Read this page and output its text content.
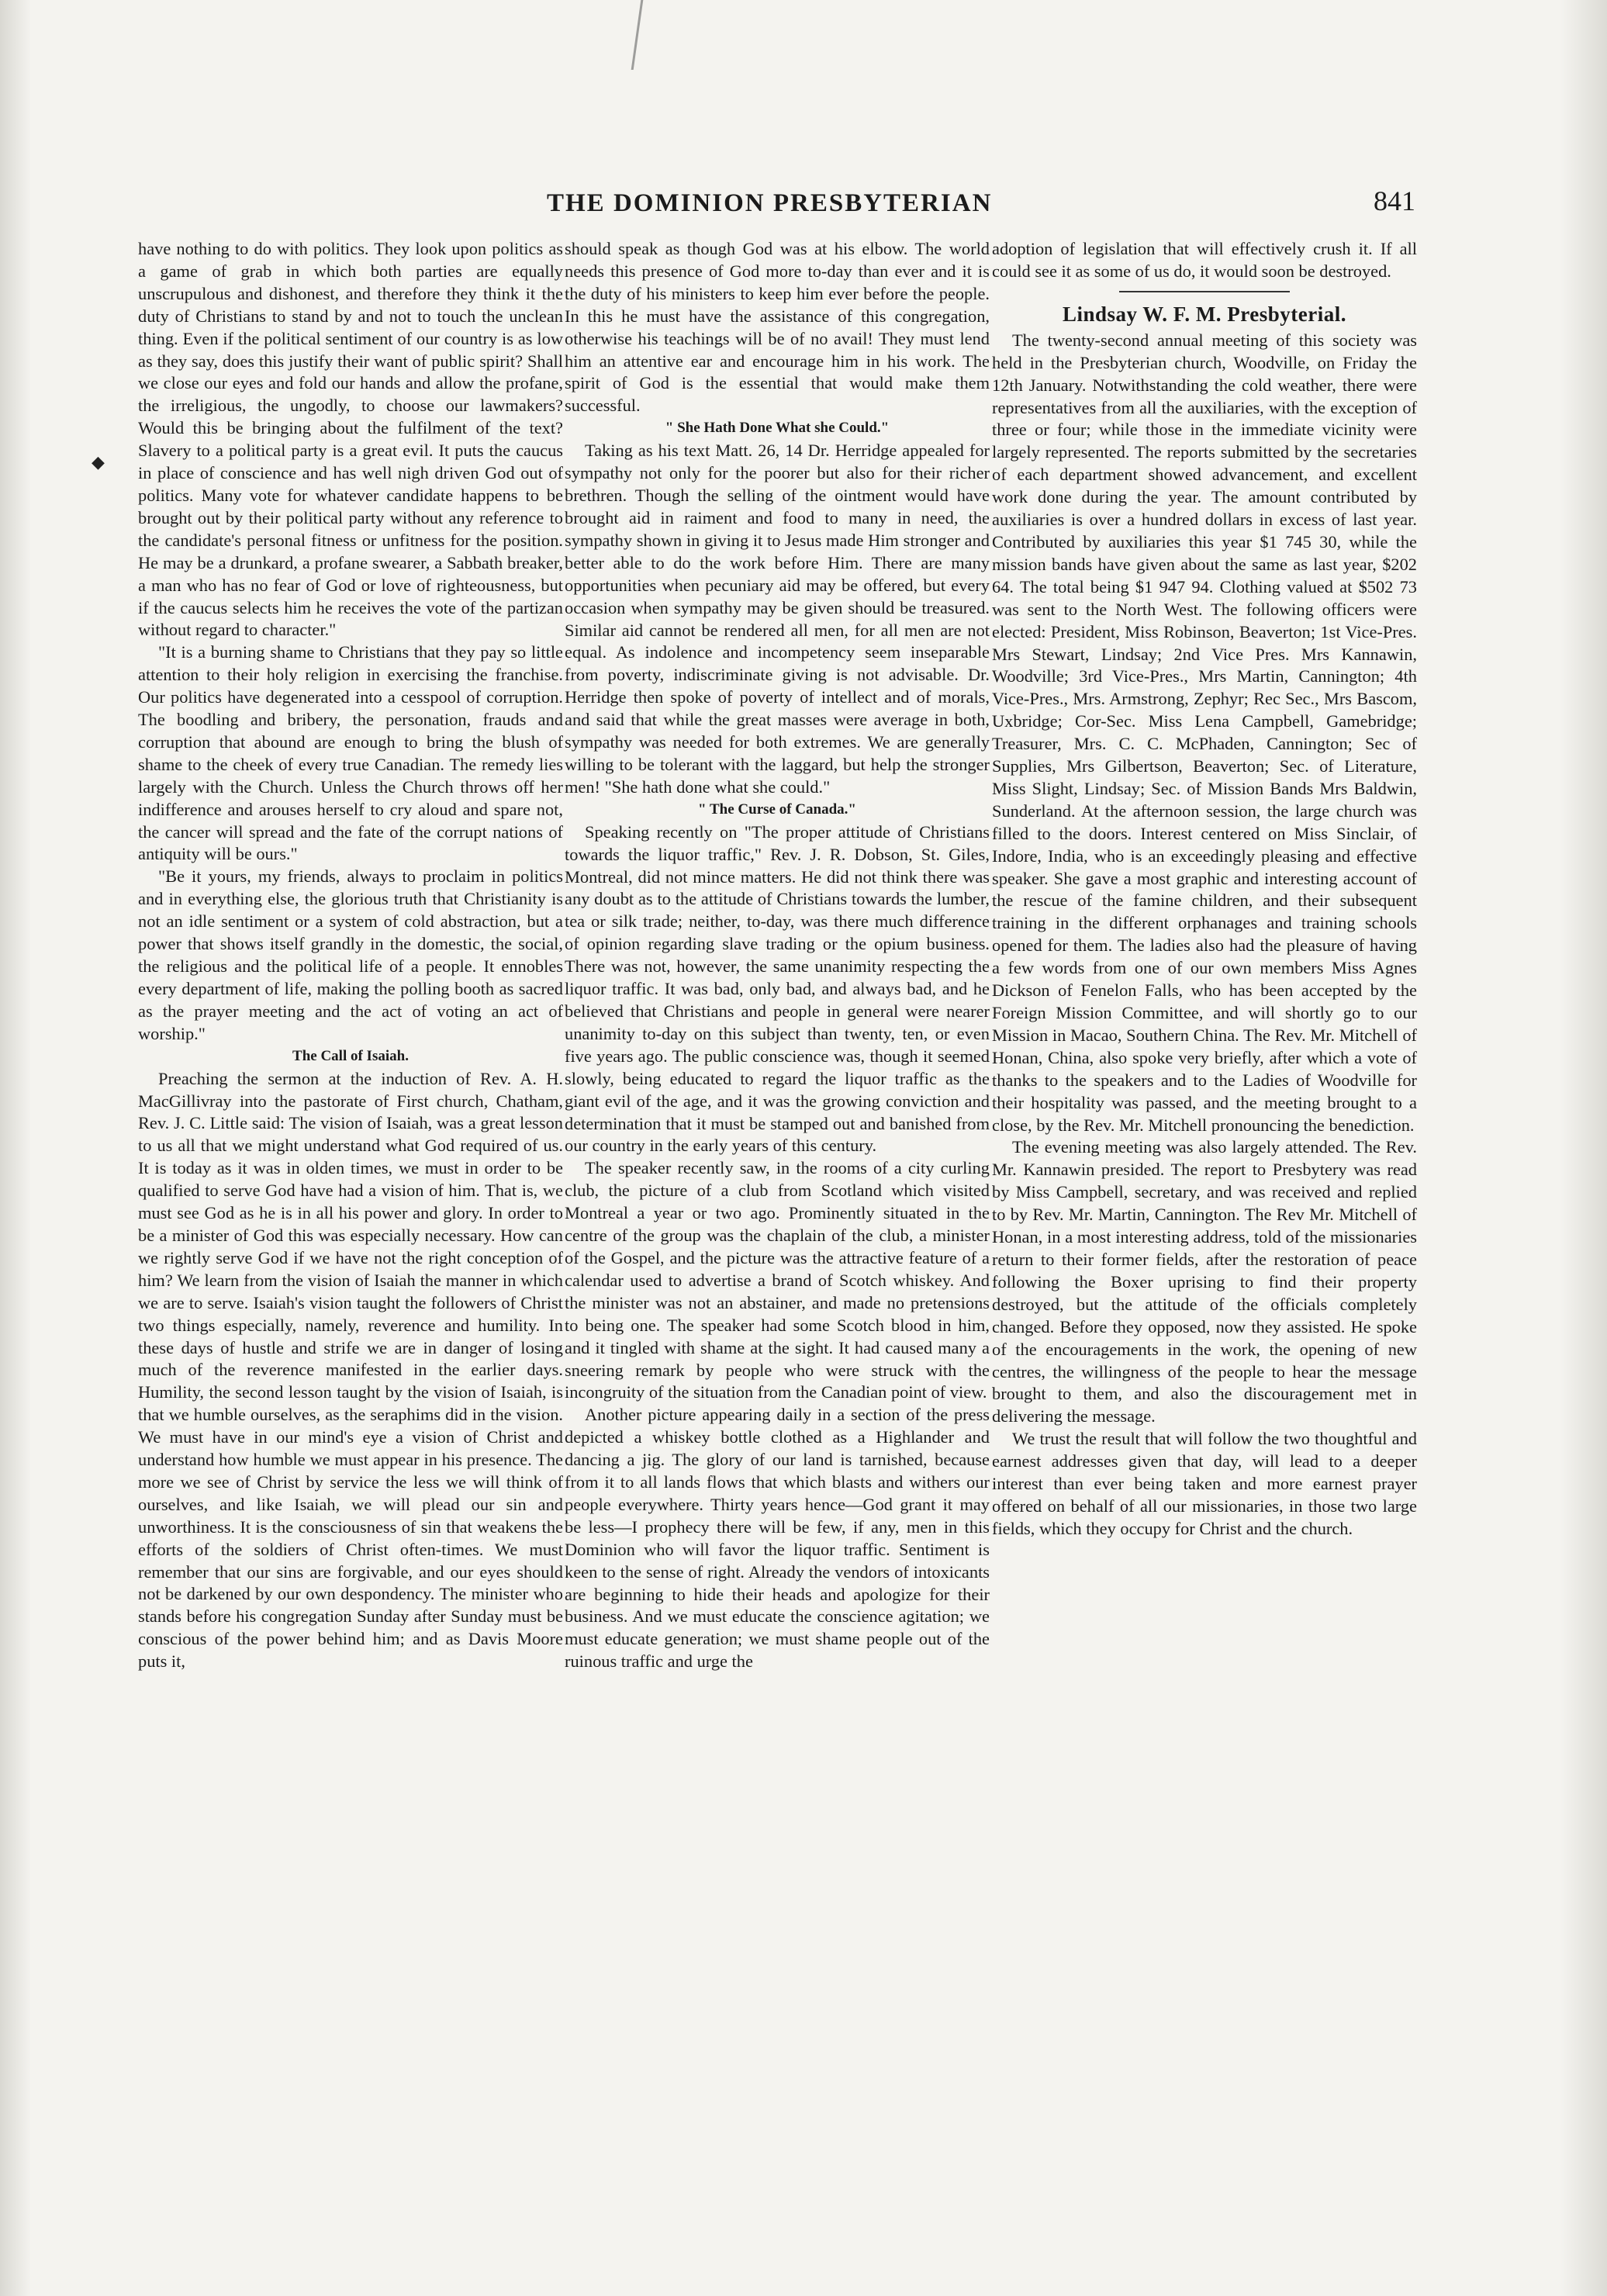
◆
THE DOMINION PRESBYTERIAN	841

have nothing to do with politics. They look upon politics as a game of grab in which both parties are equally unscrupulous and dishonest, and therefore they think it the duty of Christians to stand by and not to touch the unclean thing. Even if the political sentiment of our country is as low as they say, does this justify their want of public spirit? Shall we close our eyes and fold our hands and allow the profane, the irreligious, the ungodly, to choose our lawmakers? Would this be bringing about the fulfilment of the text? Slavery to a political party is a great evil. It puts the caucus in place of conscience and has well nigh driven God out of politics. Many vote for whatever candidate happens to be brought out by their political party without any reference to the candidate's personal fitness or unfitness for the position. He may be a drunkard, a profane swearer, a Sabbath breaker, a man who has no fear of God or love of righteousness, but if the caucus selects him he receives the vote of the partizan without regard to character."

"It is a burning shame to Christians that they pay so little attention to their holy religion in exercising the franchise. Our politics have degenerated into a cesspool of corruption. The boodling and bribery, the personation, frauds and corruption that abound are enough to bring the blush of shame to the cheek of every true Canadian. The remedy lies largely with the Church. Unless the Church throws off her indifference and arouses herself to cry aloud and spare not, the cancer will spread and the fate of the corrupt nations of antiquity will be ours."

"Be it yours, my friends, always to proclaim in politics and in everything else, the glorious truth that Christianity is not an idle sentiment or a system of cold abstraction, but a power that shows itself grandly in the domestic, the social, the religious and the political life of a people. It ennobles every department of life, making the polling booth as sacred as the prayer meeting and the act of voting an act of worship."

The Call of Isaiah.

Preaching the sermon at the induction of Rev. A. H. MacGillivray into the pastorate of First church, Chatham, Rev. J. C. Little said: The vision of Isaiah, was a great lesson to us all that we might understand what God required of us. It is today as it was in olden times, we must in order to be qualified to serve God have had a vision of him. That is, we must see God as he is in all his power and glory. In order to be a minister of God this was especially necessary. How can we rightly serve God if we have not the right conception of him? We learn from the vision of Isaiah the manner in which we are to serve. Isaiah's vision taught the followers of Christ two things especially, namely, reverence and humility. In these days of hustle and strife we are in danger of losing much of the reverence manifested in the earlier days. Humility, the second lesson taught by the vision of Isaiah, is that we humble ourselves, as the seraphims did in the vision. We must have in our mind's eye a vision of Christ and understand how humble we must appear in his presence. The more we see of Christ by service the less we will think of ourselves, and like Isaiah, we will plead our sin and unworthiness. It is the consciousness of sin that weakens the efforts of the soldiers of Christ often-times. We must remember that our sins are forgivable, and our eyes should not be darkened by our own despondency. The minister who stands before his congregation Sunday after Sunday must be conscious of the power behind him; and as Davis Moore puts it,

should speak as though God was at his elbow. The world needs this presence of God more to-day than ever and it is the duty of his ministers to keep him ever before the people. In this he must have the assistance of this congregation, otherwise his teachings will be of no avail! They must lend him an attentive ear and encourage him in his work. The spirit of God is the essential that would make them successful.

" She Hath Done What she Could."

Taking as his text Matt. 26, 14 Dr. Herridge appealed for sympathy not only for the poorer but also for their richer brethren. Though the selling of the ointment would have brought aid in raiment and food to many in need, the sympathy shown in giving it to Jesus made Him stronger and better able to do the work before Him. There are many opportunities when pecuniary aid may be offered, but every occasion when sympathy may be given should be treasured. Similar aid cannot be rendered all men, for all men are not equal. As indolence and incompetency seem inseparable from poverty, indiscriminate giving is not advisable. Dr. Herridge then spoke of poverty of intellect and of morals, and said that while the great masses were average in both, sympathy was needed for both extremes. We are generally willing to be tolerant with the laggard, but help the stronger men! "She hath done what she could."

" The Curse of Canada."

Speaking recently on "The proper attitude of Christians towards the liquor traffic," Rev. J. R. Dobson, St. Giles, Montreal, did not mince matters. He did not think there was any doubt as to the attitude of Christians towards the lumber, tea or silk trade; neither, to-day, was there much difference of opinion regarding slave trading or the opium business. There was not, however, the same unanimity respecting the liquor traffic. It was bad, only bad, and always bad, and he believed that Christians and people in general were nearer unanimity to-day on this subject than twenty, ten, or even five years ago. The public conscience was, though it seemed slowly, being educated to regard the liquor traffic as the giant evil of the age, and it was the growing conviction and determination that it must be stamped out and banished from our country in the early years of this century.

The speaker recently saw, in the rooms of a city curling club, the picture of a club from Scotland which visited Montreal a year or two ago. Prominently situated in the centre of the group was the chaplain of the club, a minister of the Gospel, and the picture was the attractive feature of a calendar used to advertise a brand of Scotch whiskey. And the minister was not an abstainer, and made no pretensions to being one. The speaker had some Scotch blood in him, and it tingled with shame at the sight. It had caused many a sneering remark by people who were struck with the incongruity of the situation from the Canadian point of view.

Another picture appearing daily in a section of the press depicted a whiskey bottle clothed as a Highlander and dancing a jig. The glory of our land is tarnished, because from it to all lands flows that which blasts and withers our people everywhere. Thirty years hence—God grant it may be less—I prophecy there will be few, if any, men in this Dominion who will favor the liquor traffic. Sentiment is keen to the sense of right. Already the vendors of intoxicants are beginning to hide their heads and apologize for their business. And we must educate the conscience agitation; we must educate generation; we must shame people out of the ruinous traffic and urge the

adoption of legislation that will effectively crush it. If all could see it as some of us do, it would soon be destroyed.

Lindsay W. F. M. Presbyterial.

The twenty-second annual meeting of this society was held in the Presbyterian church, Woodville, on Friday the 12th January. Notwithstanding the cold weather, there were representatives from all the auxiliaries, with the exception of three or four; while those in the immediate vicinity were largely represented. The reports submitted by the secretaries of each department showed advancement, and excellent work done during the year. The amount contributed by auxiliaries is over a hundred dollars in excess of last year. Contributed by auxiliaries this year $1 745 30, while the mission bands have given about the same as last year, $202 64. The total being $1 947 94. Clothing valued at $502 73 was sent to the North West. The following officers were elected: President, Miss Robinson, Beaverton; 1st Vice-Pres. Mrs Stewart, Lindsay; 2nd Vice Pres. Mrs Kannawin, Woodville; 3rd Vice-Pres., Mrs Martin, Cannington; 4th Vice-Pres., Mrs. Armstrong, Zephyr; Rec Sec., Mrs Bascom, Uxbridge; Cor-Sec. Miss Lena Campbell, Gamebridge; Treasurer, Mrs. C. C. McPhaden, Cannington; Sec of Supplies, Mrs Gilbertson, Beaverton; Sec. of Literature, Miss Slight, Lindsay; Sec. of Mission Bands Mrs Baldwin, Sunderland. At the afternoon session, the large church was filled to the doors. Interest centered on Miss Sinclair, of Indore, India, who is an exceedingly pleasing and effective speaker. She gave a most graphic and interesting account of the rescue of the famine children, and their subsequent training in the different orphanages and training schools opened for them. The ladies also had the pleasure of having a few words from one of our own members Miss Agnes Dickson of Fenelon Falls, who has been accepted by the Foreign Mission Committee, and will shortly go to our Mission in Macao, Southern China. The Rev. Mr. Mitchell of Honan, China, also spoke very briefly, after which a vote of thanks to the speakers and to the Ladies of Woodville for their hospitality was passed, and the meeting brought to a close, by the Rev. Mr. Mitchell pronouncing the benediction.

The evening meeting was also largely attended. The Rev. Mr. Kannawin presided. The report to Presbytery was read by Miss Campbell, secretary, and was received and replied to by Rev. Mr. Martin, Cannington. The Rev Mr. Mitchell of Honan, in a most interesting address, told of the missionaries return to their former fields, after the restoration of peace following the Boxer uprising to find their property destroyed, but the attitude of the officials completely changed. Before they opposed, now they assisted. He spoke of the encouragements in the work, the opening of new centres, the willingness of the people to hear the message brought to them, and also the discouragement met in delivering the message.

We trust the result that will follow the two thoughtful and earnest addresses given that day, will lead to a deeper interest than ever being taken and more earnest prayer offered on behalf of all our missionaries, in those two large fields, which they occupy for Christ and the church.
